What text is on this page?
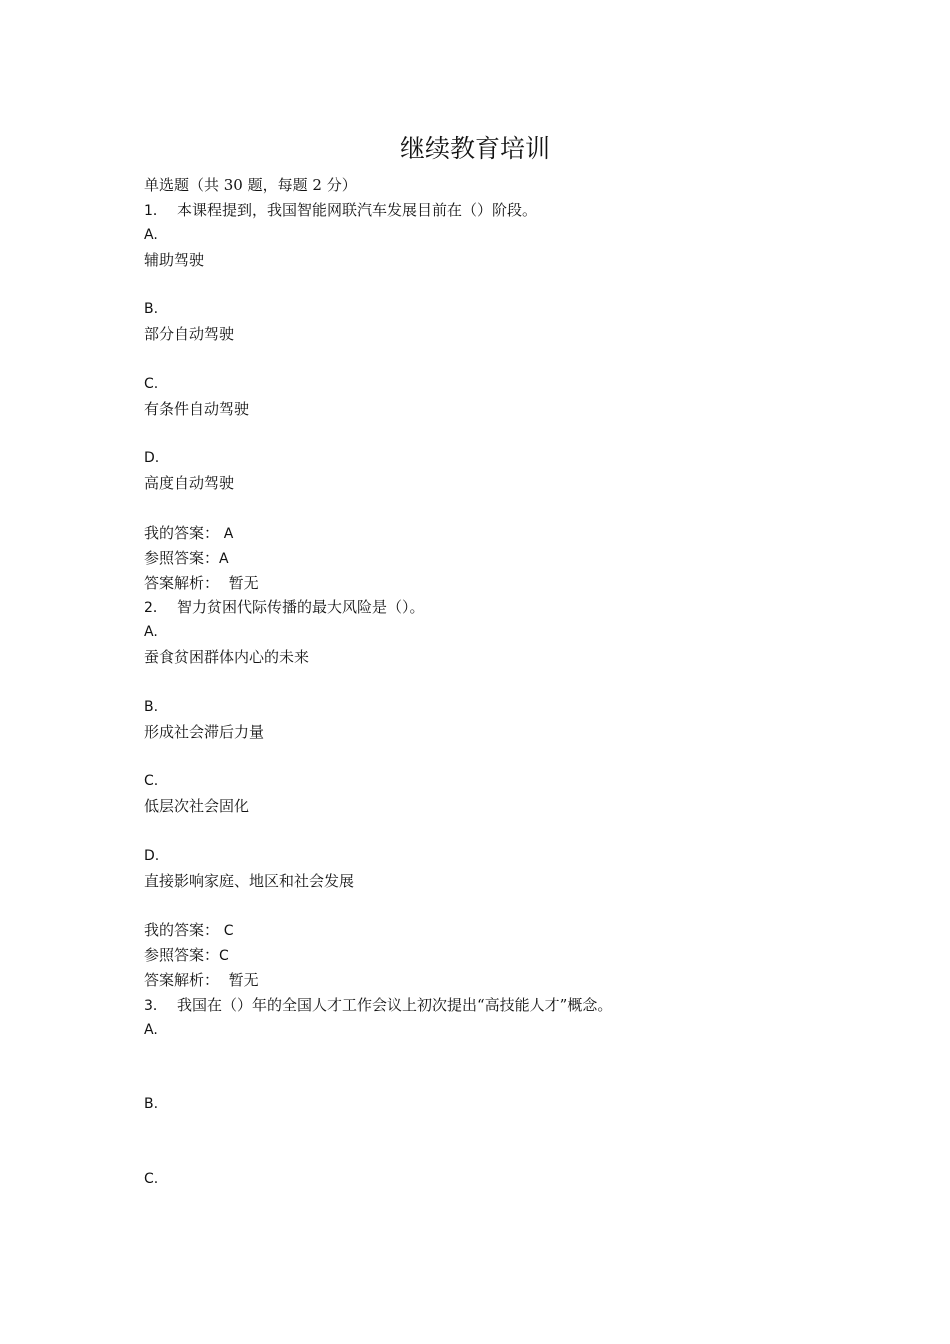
继续教育培训
单选题（共 30 题，每题 2 分）
1． 本课程提到，我国智能网联汽车发展目前在（）阶段。
A.
辅助驾驶
B.
部分自动驾驶
C.
有条件自动驾驶
D.
高度自动驾驶
我的答案： A
参照答案：A
答案解析： 暂无
2． 智力贫困代际传播的最大风险是（）。
A.
蚕食贫困群体内心的未来
B.
形成社会滞后力量
C.
低层次社会固化
D.
直接影响家庭、地区和社会发展
我的答案： C
参照答案：C
答案解析： 暂无
3． 我国在（）年的全国人才工作会议上初次提出“高技能人才”概念。
A.
B.
C.
